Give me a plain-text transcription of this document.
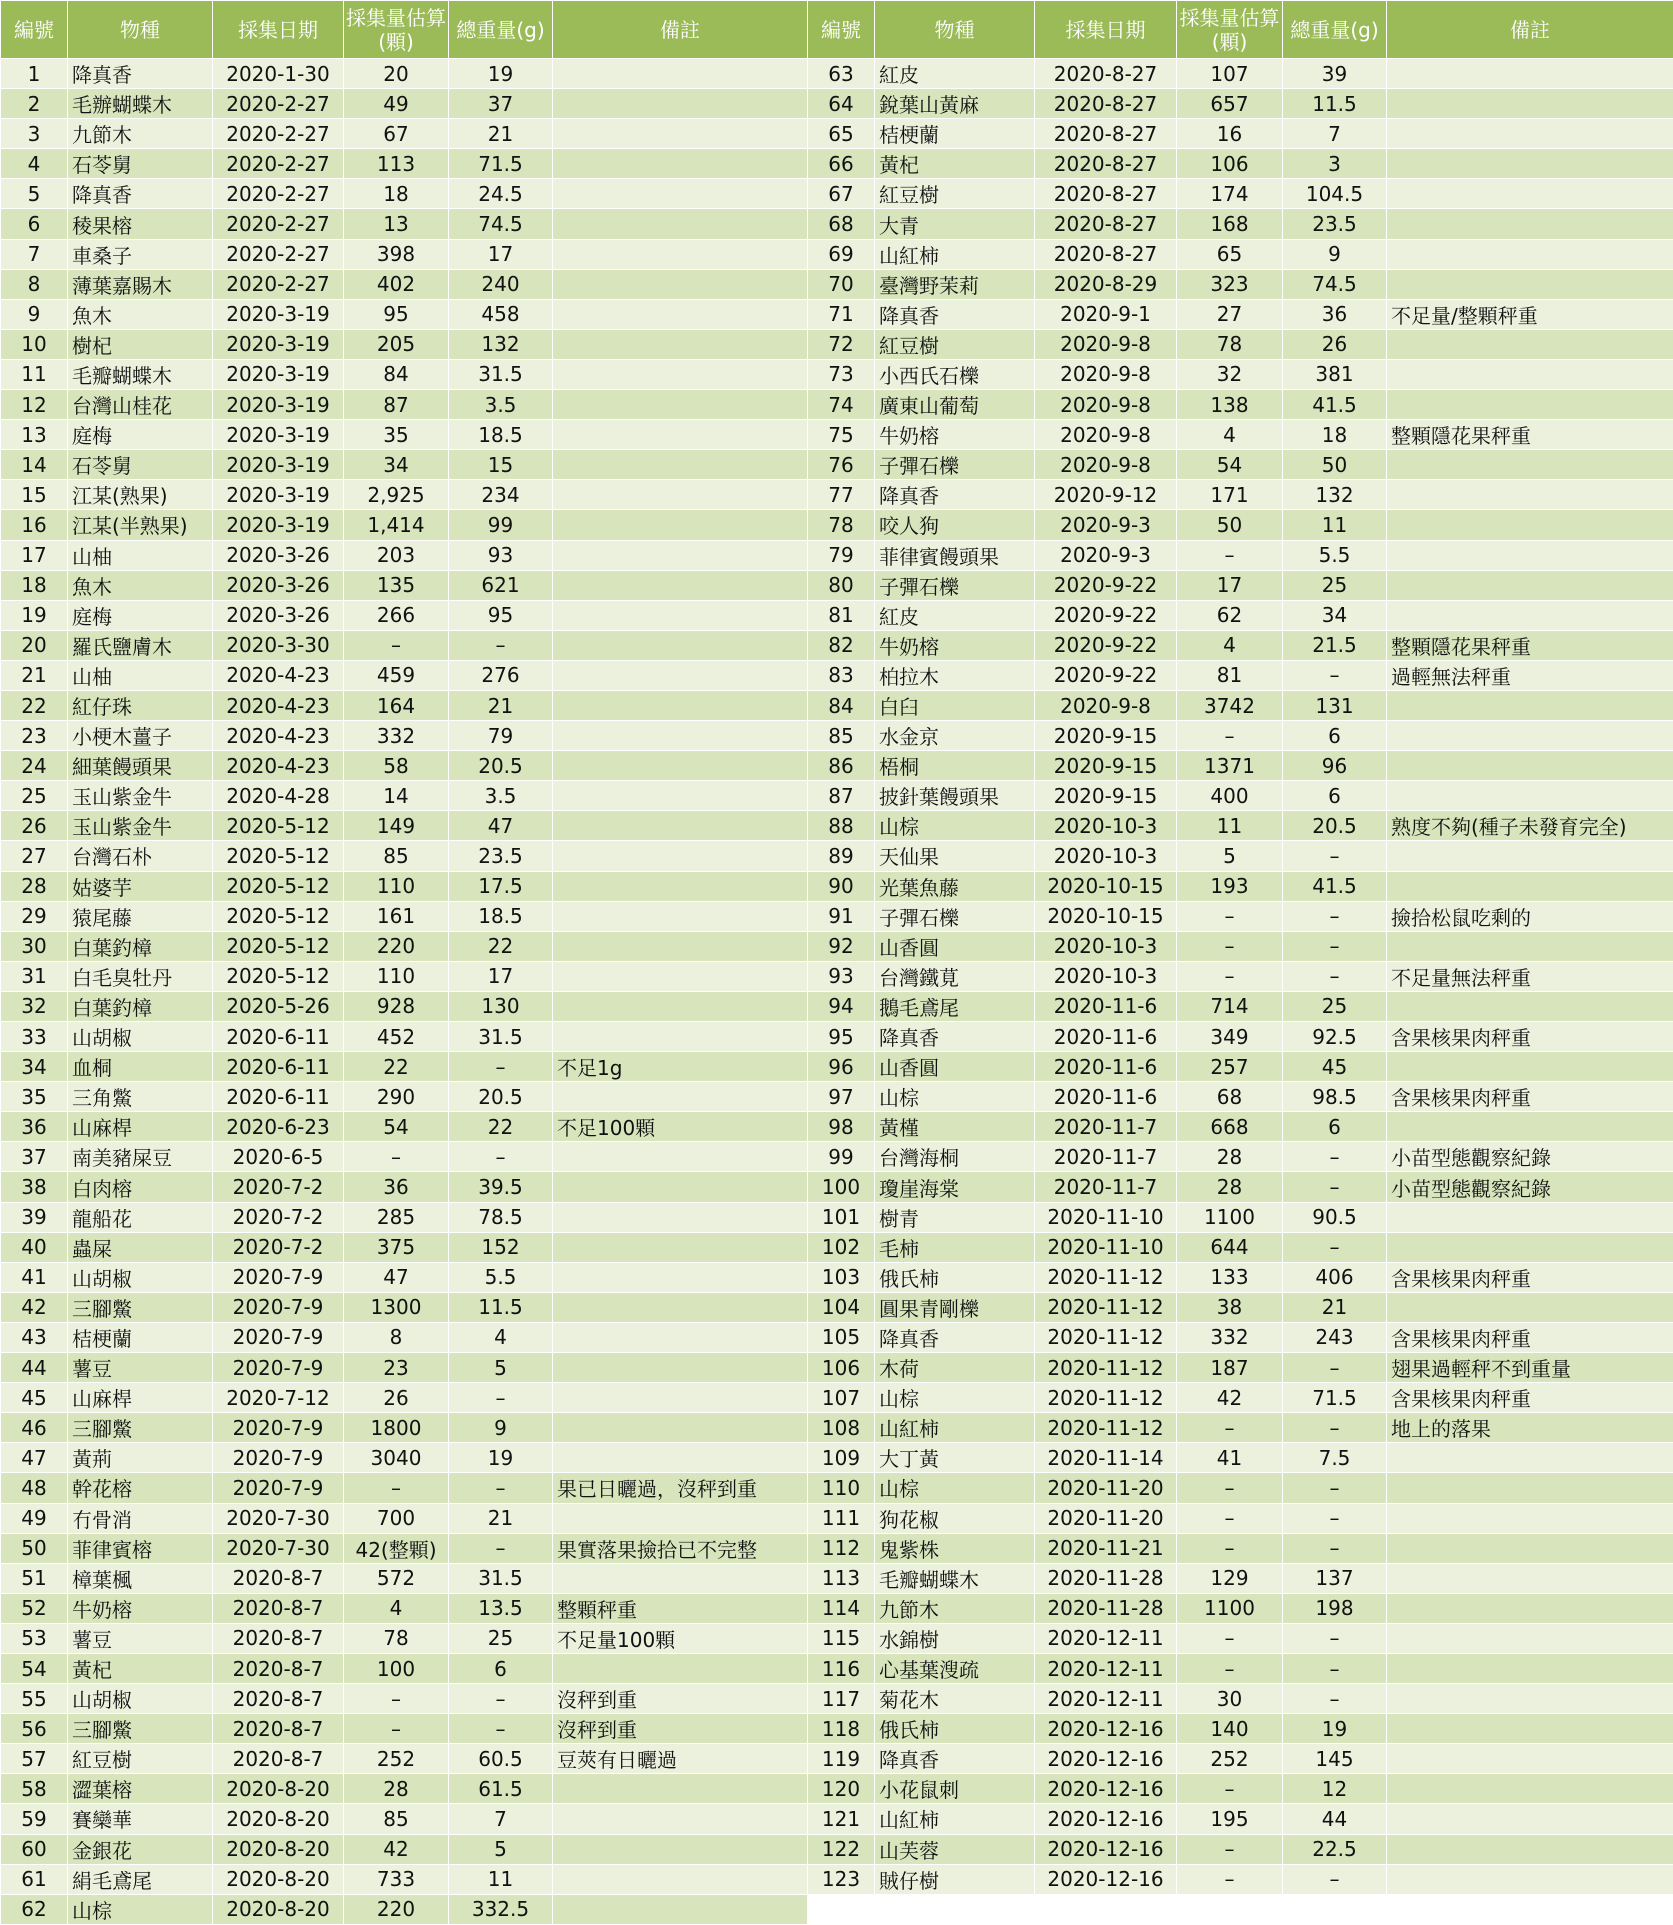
編號	物種	採集日期	採集量估算(顆)	總重量(g)	備註	編號	物種	採集日期	採集量估算(顆)	總重量(g)	備註
1	降真香	2020-1-30	20	19		63	紅皮	2020-8-27	107	39	
2	毛辦蝴蝶木	2020-2-27	49	37		64	銳葉山黃麻	2020-8-27	657	11.5	
3	九節木	2020-2-27	67	21		65	桔梗蘭	2020-8-27	16	7	
4	石苓舅	2020-2-27	113	71.5		66	黃杞	2020-8-27	106	3	
5	降真香	2020-2-27	18	24.5		67	紅豆樹	2020-8-27	174	104.5	
6	稜果榕	2020-2-27	13	74.5		68	大青	2020-8-27	168	23.5	
7	車桑子	2020-2-27	398	17		69	山紅柿	2020-8-27	65	9	
8	薄葉嘉賜木	2020-2-27	402	240		70	臺灣野茉莉	2020-8-29	323	74.5	
9	魚木	2020-3-19	95	458		71	降真香	2020-9-1	27	36	不足量/整顆秤重
10	樹杞	2020-3-19	205	132		72	紅豆樹	2020-9-8	78	26	
11	毛瓣蝴蝶木	2020-3-19	84	31.5		73	小西氏石櫟	2020-9-8	32	381	
12	台灣山桂花	2020-3-19	87	3.5		74	廣東山葡萄	2020-9-8	138	41.5	
13	庭梅	2020-3-19	35	18.5		75	牛奶榕	2020-9-8	4	18	整顆隱花果秤重
14	石苓舅	2020-3-19	34	15		76	子彈石櫟	2020-9-8	54	50	
15	江某(熟果)	2020-3-19	2,925	234		77	降真香	2020-9-12	171	132	
16	江某(半熟果)	2020-3-19	1,414	99		78	咬人狗	2020-9-3	50	11	
17	山柚	2020-3-26	203	93		79	菲律賓饅頭果	2020-9-3	–	5.5	
18	魚木	2020-3-26	135	621		80	子彈石櫟	2020-9-22	17	25	
19	庭梅	2020-3-26	266	95		81	紅皮	2020-9-22	62	34	
20	羅氏鹽膚木	2020-3-30	–	–		82	牛奶榕	2020-9-22	4	21.5	整顆隱花果秤重
21	山柚	2020-4-23	459	276		83	柏拉木	2020-9-22	81	–	過輕無法秤重
22	紅仔珠	2020-4-23	164	21		84	白臼	2020-9-8	3742	131	
23	小梗木薑子	2020-4-23	332	79		85	水金京	2020-9-15	–	6	
24	細葉饅頭果	2020-4-23	58	20.5		86	梧桐	2020-9-15	1371	96	
25	玉山紫金牛	2020-4-28	14	3.5		87	披針葉饅頭果	2020-9-15	400	6	
26	玉山紫金牛	2020-5-12	149	47		88	山棕	2020-10-3	11	20.5	熟度不夠(種子未發育完全)
27	台灣石朴	2020-5-12	85	23.5		89	天仙果	2020-10-3	5	–	
28	姑婆芋	2020-5-12	110	17.5		90	光葉魚藤	2020-10-15	193	41.5	
29	猿尾藤	2020-5-12	161	18.5		91	子彈石櫟	2020-10-15	–	–	撿拾松鼠吃剩的
30	白葉釣樟	2020-5-12	220	22		92	山香圓	2020-10-3	–	–	
31	白毛臭牡丹	2020-5-12	110	17		93	台灣鐵莧	2020-10-3	–	–	不足量無法秤重
32	白葉釣樟	2020-5-26	928	130		94	鵝毛鳶尾	2020-11-6	714	25	
33	山胡椒	2020-6-11	452	31.5		95	降真香	2020-11-6	349	92.5	含果核果肉秤重
34	血桐	2020-6-11	22	–	不足1g	96	山香圓	2020-11-6	257	45	
35	三角鱉	2020-6-11	290	20.5		97	山棕	2020-11-6	68	98.5	含果核果肉秤重
36	山麻桿	2020-6-23	54	22	不足100顆	98	黃槿	2020-11-7	668	6	
37	南美豬屎豆	2020-6-5	–	–		99	台灣海桐	2020-11-7	28	–	小苗型態觀察紀錄
38	白肉榕	2020-7-2	36	39.5		100	瓊崖海棠	2020-11-7	28	–	小苗型態觀察紀錄
39	龍船花	2020-7-2	285	78.5		101	樹青	2020-11-10	1100	90.5	
40	蟲屎	2020-7-2	375	152		102	毛柿	2020-11-10	644	–	
41	山胡椒	2020-7-9	47	5.5		103	俄氏柿	2020-11-12	133	406	含果核果肉秤重
42	三腳鱉	2020-7-9	1300	11.5		104	圓果青剛櫟	2020-11-12	38	21	
43	桔梗蘭	2020-7-9	8	4		105	降真香	2020-11-12	332	243	含果核果肉秤重
44	薯豆	2020-7-9	23	5		106	木荷	2020-11-12	187	–	翅果過輕秤不到重量
45	山麻桿	2020-7-12	26	–		107	山棕	2020-11-12	42	71.5	含果核果肉秤重
46	三腳鱉	2020-7-9	1800	9		108	山紅柿	2020-11-12	–	–	地上的落果
47	黃荊	2020-7-9	3040	19		109	大丁黃	2020-11-14	41	7.5	
48	幹花榕	2020-7-9	–	–	果已日曬過，沒秤到重	110	山棕	2020-11-20	–	–	
49	冇骨消	2020-7-30	700	21		111	狗花椒	2020-11-20	–	–	
50	菲律賓榕	2020-7-30	42(整顆)	–	果實落果撿拾已不完整	112	鬼紫株	2020-11-21	–	–	
51	樟葉楓	2020-8-7	572	31.5		113	毛瓣蝴蝶木	2020-11-28	129	137	
52	牛奶榕	2020-8-7	4	13.5	整顆秤重	114	九節木	2020-11-28	1100	198	
53	薯豆	2020-8-7	78	25	不足量100顆	115	水錦樹	2020-12-11	–	–	
54	黃杞	2020-8-7	100	6		116	心基葉溲疏	2020-12-11	–	–	
55	山胡椒	2020-8-7	–	–	沒秤到重	117	菊花木	2020-12-11	30	–	
56	三腳鱉	2020-8-7	–	–	沒秤到重	118	俄氏柿	2020-12-16	140	19	
57	紅豆樹	2020-8-7	252	60.5	豆莢有日曬過	119	降真香	2020-12-16	252	145	
58	澀葉榕	2020-8-20	28	61.5		120	小花鼠刺	2020-12-16	–	12	
59	賽欒華	2020-8-20	85	7		121	山紅柿	2020-12-16	195	44	
60	金銀花	2020-8-20	42	5		122	山芙蓉	2020-12-16	–	22.5	
61	絹毛鳶尾	2020-8-20	733	11		123	賊仔樹	2020-12-16	–	–	
62	山棕	2020-8-20	220	332.5							
